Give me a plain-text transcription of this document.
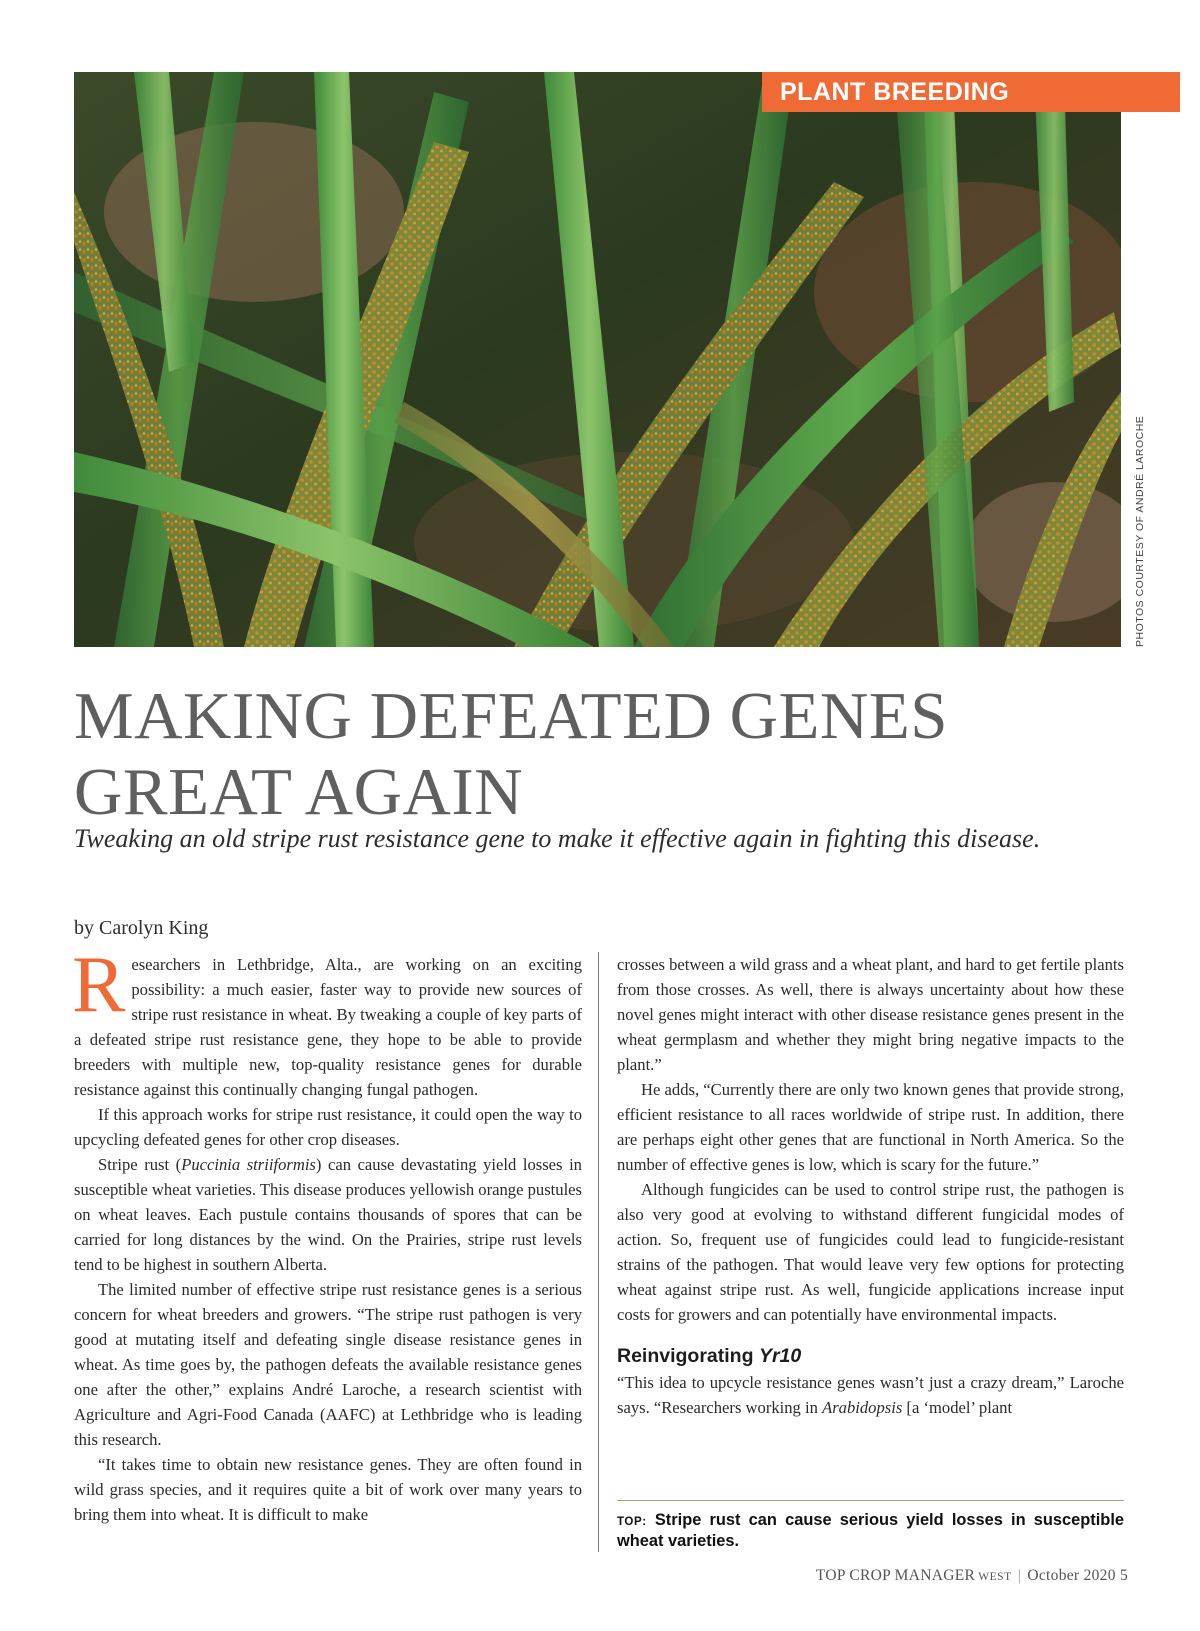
PLANT BREEDING
PHOTOS COURTESY OF ANDRÉ LAROCHE
MAKING DEFEATED GENES
GREAT AGAIN

Tweaking an old stripe rust resistance gene to make it effective again in fighting this disease.

by Carolyn King

Researchers in Lethbridge, Alta., are working on an exciting possibility: a much easier, faster way to provide new sources of stripe rust resistance in wheat. By tweaking a couple of key parts of a defeated stripe rust resistance gene, they hope to be able to provide breeders with multiple new, top-quality resistance genes for durable resistance against this continually changing fungal pathogen.

If this approach works for stripe rust resistance, it could open the way to upcycling defeated genes for other crop diseases.

Stripe rust (Puccinia striiformis) can cause devastating yield losses in susceptible wheat varieties. This disease produces yellowish orange pustules on wheat leaves. Each pustule contains thousands of spores that can be carried for long distances by the wind. On the Prairies, stripe rust levels tend to be highest in southern Alberta.

The limited number of effective stripe rust resistance genes is a serious concern for wheat breeders and growers. “The stripe rust pathogen is very good at mutating itself and defeating single disease resistance genes in wheat. As time goes by, the pathogen defeats the available resistance genes one after the other,” explains André Laroche, a research scientist with Agriculture and Agri-Food Canada (AAFC) at Lethbridge who is leading this research.

“It takes time to obtain new resistance genes. They are often found in wild grass species, and it requires quite a bit of work over many years to bring them into wheat. It is difficult to make

crosses between a wild grass and a wheat plant, and hard to get fertile plants from those crosses. As well, there is always uncertainty about how these novel genes might interact with other disease resistance genes present in the wheat germplasm and whether they might bring negative impacts to the plant.”

He adds, “Currently there are only two known genes that provide strong, efficient resistance to all races worldwide of stripe rust. In addition, there are perhaps eight other genes that are functional in North America. So the number of effective genes is low, which is scary for the future.”

Although fungicides can be used to control stripe rust, the pathogen is also very good at evolving to withstand different fungicidal modes of action. So, frequent use of fungicides could lead to fungicide-resistant strains of the pathogen. That would leave very few options for protecting wheat against stripe rust. As well, fungicide applications increase input costs for growers and can potentially have environmental impacts.

Reinvigorating Yr10

“This idea to upcycle resistance genes wasn’t just a crazy dream,” Laroche says. “Researchers working in Arabidopsis [a ‘model’ plant

TOP: Stripe rust can cause serious yield losses in susceptible wheat varieties.

TOP CROP MANAGER WEST | October 2020 5
